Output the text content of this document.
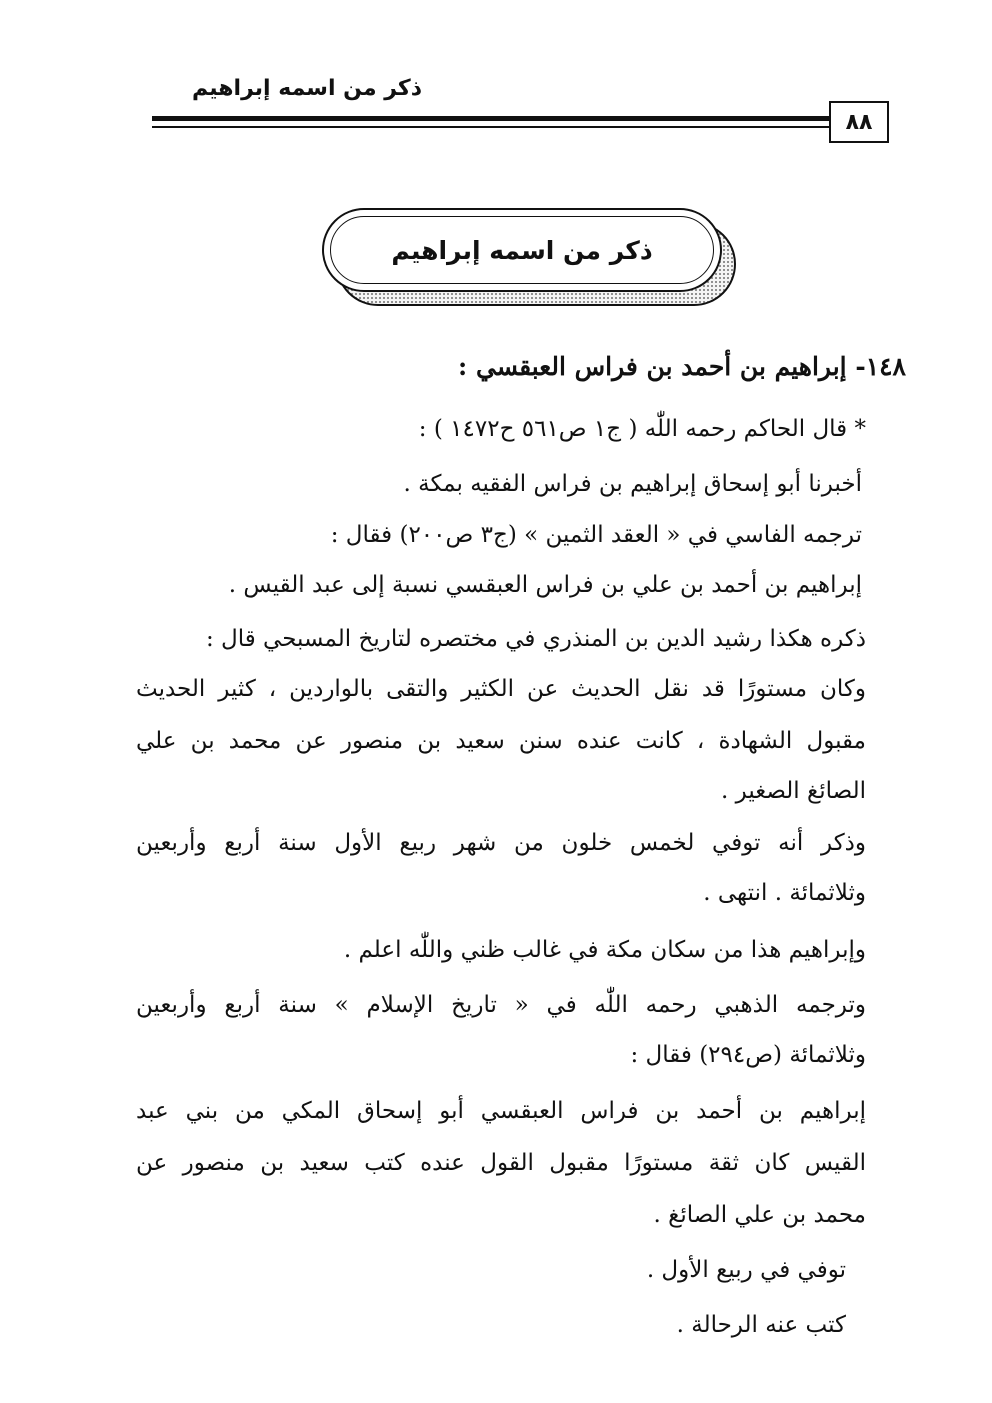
ذكر من اسمه إبراهيم
٨٨
ذكر من اسمه إبراهيم
١٤٨- إبراهيم بن أحمد بن فراس العبقسي :
* قال الحاكم رحمه اللّٰه ( ج١ ص٥٦١ ح١٤٧٢ ) :
أخبرنا أبو إسحاق إبراهيم بن فراس الفقيه بمكة .
ترجمه الفاسي في « العقد الثمين » (ج٣ ص٢٠٠) فقال :
إبراهيم بن أحمد بن علي بن فراس العبقسي نسبة إلى عبد القيس .
ذكره هكذا رشيد الدين بن المنذري في مختصره لتاريخ المسبحي قال :
وكان مستورًا قد نقل الحديث عن الكثير والتقى بالواردين ، كثير الحديث
مقبول الشهادة ، كانت عنده سنن سعيد بن منصور عن محمد بن علي
الصائغ الصغير .
وذكر أنه توفي لخمس خلون من شهر ربيع الأول سنة أربع وأربعين
وثلاثمائة . انتهى .
وإبراهيم هذا من سكان مكة في غالب ظني واللّٰه اعلم .
وترجمه الذهبي رحمه اللّٰه في « تاريخ الإسلام » سنة أربع وأربعين
وثلاثمائة (ص٢٩٤) فقال :
إبراهيم بن أحمد بن فراس العبقسي أبو إسحاق المكي من بني عبد
القيس كان ثقة مستورًا مقبول القول عنده كتب سعيد بن منصور عن
محمد بن علي الصائغ .
توفي في ربيع الأول .
كتب عنه الرحالة .
